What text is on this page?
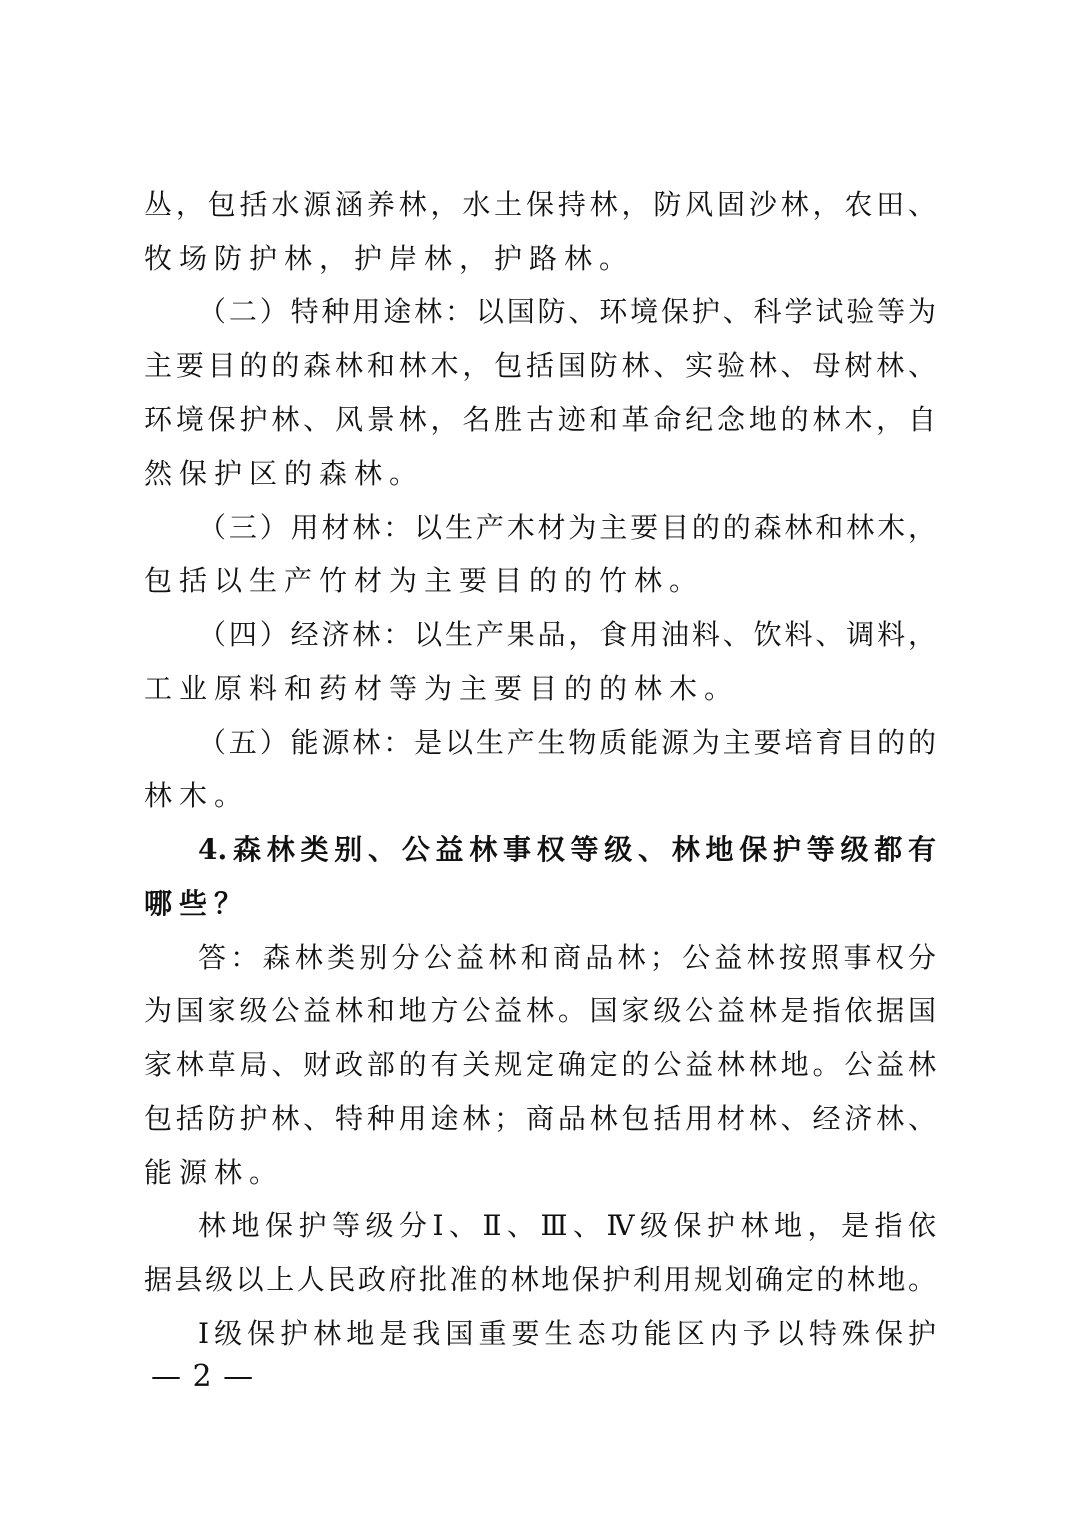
丛，包括水源涵养林，水土保持林，防风固沙林，农田、
牧场防护林，护岸林，护路林。
（二）特种用途林：以国防、环境保护、科学试验等为
主要目的的森林和林木，包括国防林、实验林、母树林、
环境保护林、风景林，名胜古迹和革命纪念地的林木，自
然保护区的森林。
（三）用材林：以生产木材为主要目的的森林和林木，
包括以生产竹材为主要目的的竹林。
（四）经济林：以生产果品，食用油料、饮料、调料，
工业原料和药材等为主要目的的林木。
（五）能源林：是以生产生物质能源为主要培育目的的
林木。
4.森林类别、公益林事权等级、林地保护等级都有
哪些？
答：森林类别分公益林和商品林；公益林按照事权分
为国家级公益林和地方公益林。国家级公益林是指依据国
家林草局、财政部的有关规定确定的公益林林地。公益林
包括防护林、特种用途林；商品林包括用材林、经济林、
能源林。
林地保护等级分Ⅰ、Ⅱ、Ⅲ、Ⅳ级保护林地，是指依
据县级以上人民政府批准的林地保护利用规划确定的林地。
Ⅰ级保护林地是我国重要生态功能区内予以特殊保护
— 2 —
